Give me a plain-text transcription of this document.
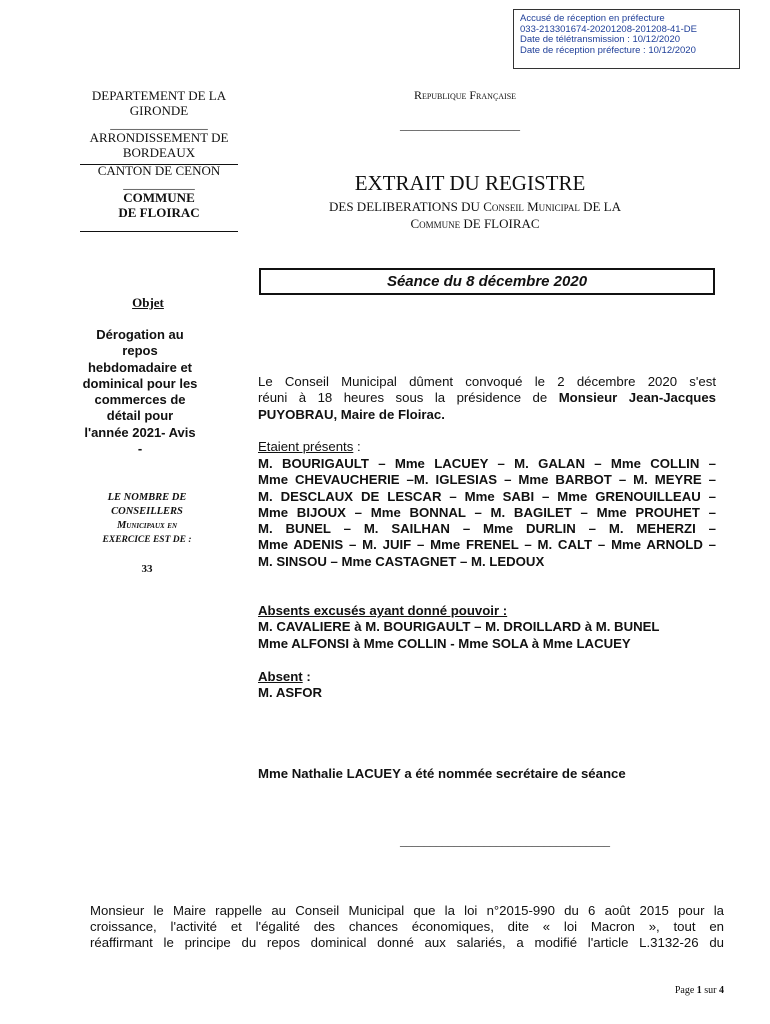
Accusé de réception en préfecture
033-213301674-20201208-201208-41-DE
Date de télétransmission : 10/12/2020
Date de réception préfecture : 10/12/2020
DEPARTEMENT DE LA
GIRONDE
_______________
ARRONDISSEMENT DE
BORDEAUX
CANTON DE CENON
___________
COMMUNE
DE FLOIRAC
Republique Française
____________________
EXTRAIT DU REGISTRE
DES DELIBERATIONS DU Conseil Municipal DE LA
Commune DE FLOIRAC
Séance du 8 décembre 2020
Objet
Dérogation au
repos
hebdomadaire et
dominical pour les
commerces de
détail pour
l'année 2021- Avis
-
LE NOMBRE DE
CONSEILLERS
Municipaux en
EXERCICE EST DE :
33
Le Conseil Municipal dûment convoqué le 2 décembre 2020 s'est
réuni à 18 heures sous la présidence de Monsieur Jean-Jacques
PUYOBRAU, Maire de Floirac.
Etaient présents :
M. BOURIGAULT – Mme LACUEY – M. GALAN – Mme COLLIN –
Mme CHEVAUCHERIE –M. IGLESIAS – Mme BARBOT – M. MEYRE –
M. DESCLAUX DE LESCAR – Mme SABI – Mme GRENOUILLEAU –
Mme BIJOUX – Mme BONNAL – M. BAGILET – Mme PROUHET –
M. BUNEL – M. SAILHAN – Mme DURLIN – M. MEHERZI –
Mme ADENIS – M. JUIF – Mme FRENEL – M. CALT – Mme ARNOLD –
M. SINSOU – Mme CASTAGNET – M. LEDOUX
Absents excusés ayant donné pouvoir :
M. CAVALIERE à M. BOURIGAULT – M. DROILLARD à M. BUNEL
Mme ALFONSI à Mme COLLIN - Mme SOLA à Mme LACUEY
Absent :
M. ASFOR
Mme Nathalie LACUEY a été nommée secrétaire de séance
___________________________________
Monsieur le Maire rappelle au Conseil Municipal que la loi n°2015-990 du 6 août 2015 pour la
croissance, l'activité et l'égalité des chances économiques, dite « loi Macron », tout en
réaffirmant le principe du repos dominical donné aux salariés, a modifié l'article L.3132-26 du
Page 1 sur 4
